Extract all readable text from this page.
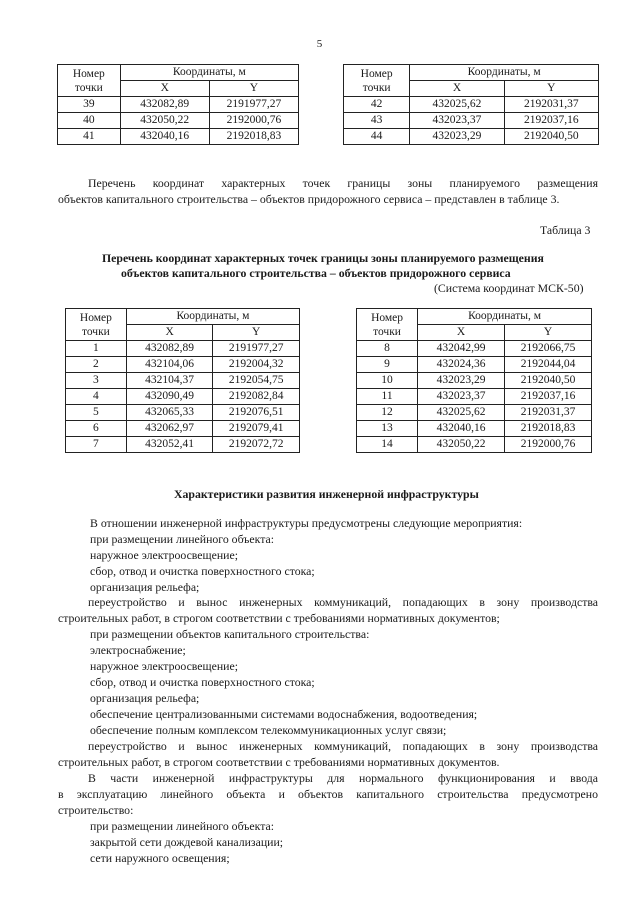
5
Номер
точки	Координаты, м	
	X	Y
39	432082,89	2191977,27
40	432050,22	2192000,76
41	432040,16	2192018,83
Номер
точки	Координаты, м	
	X	Y
42	432025,62	2192031,37
43	432023,37	2192037,16
44	432023,29	2192040,50
Перечень координат характерных точек границы зоны планируемого размещения
объектов капитального строительства – объектов придорожного сервиса – представлен в таблице 3.
Таблица 3
Перечень координат характерных точек границы зоны планируемого размещения
объектов капитального строительства – объектов придорожного сервиса
(Система координат МСК-50)
Номер
точки	Координаты, м	
	X	Y
1	432082,89	2191977,27
2	432104,06	2192004,32
3	432104,37	2192054,75
4	432090,49	2192082,84
5	432065,33	2192076,51
6	432062,97	2192079,41
7	432052,41	2192072,72
Номер
точки	Координаты, м	
	X	Y
8	432042,99	2192066,75
9	432024,36	2192044,04
10	432023,29	2192040,50
11	432023,37	2192037,16
12	432025,62	2192031,37
13	432040,16	2192018,83
14	432050,22	2192000,76
Характеристики развития инженерной инфраструктуры
В отношении инженерной инфраструктуры предусмотрены следующие мероприятия:
при размещении линейного объекта:
наружное электроосвещение;
сбор, отвод и очистка поверхностного стока;
организация рельефа;
переустройство и вынос инженерных коммуникаций, попадающих в зону производства
строительных работ, в строгом соответствии с требованиями нормативных документов;
при размещении объектов капитального строительства:
электроснабжение;
наружное электроосвещение;
сбор, отвод и очистка поверхностного стока;
организация рельефа;
обеспечение централизованными системами водоснабжения, водоотведения;
обеспечение полным комплексом телекоммуникационных услуг связи;
переустройство и вынос инженерных коммуникаций, попадающих в зону производства
строительных работ, в строгом соответствии с требованиями нормативных документов.
В части инженерной инфраструктуры для нормального функционирования и ввода
в эксплуатацию линейного объекта и объектов капитального строительства предусмотрено
строительство:
при размещении линейного объекта:
закрытой сети дождевой канализации;
сети наружного освещения;
